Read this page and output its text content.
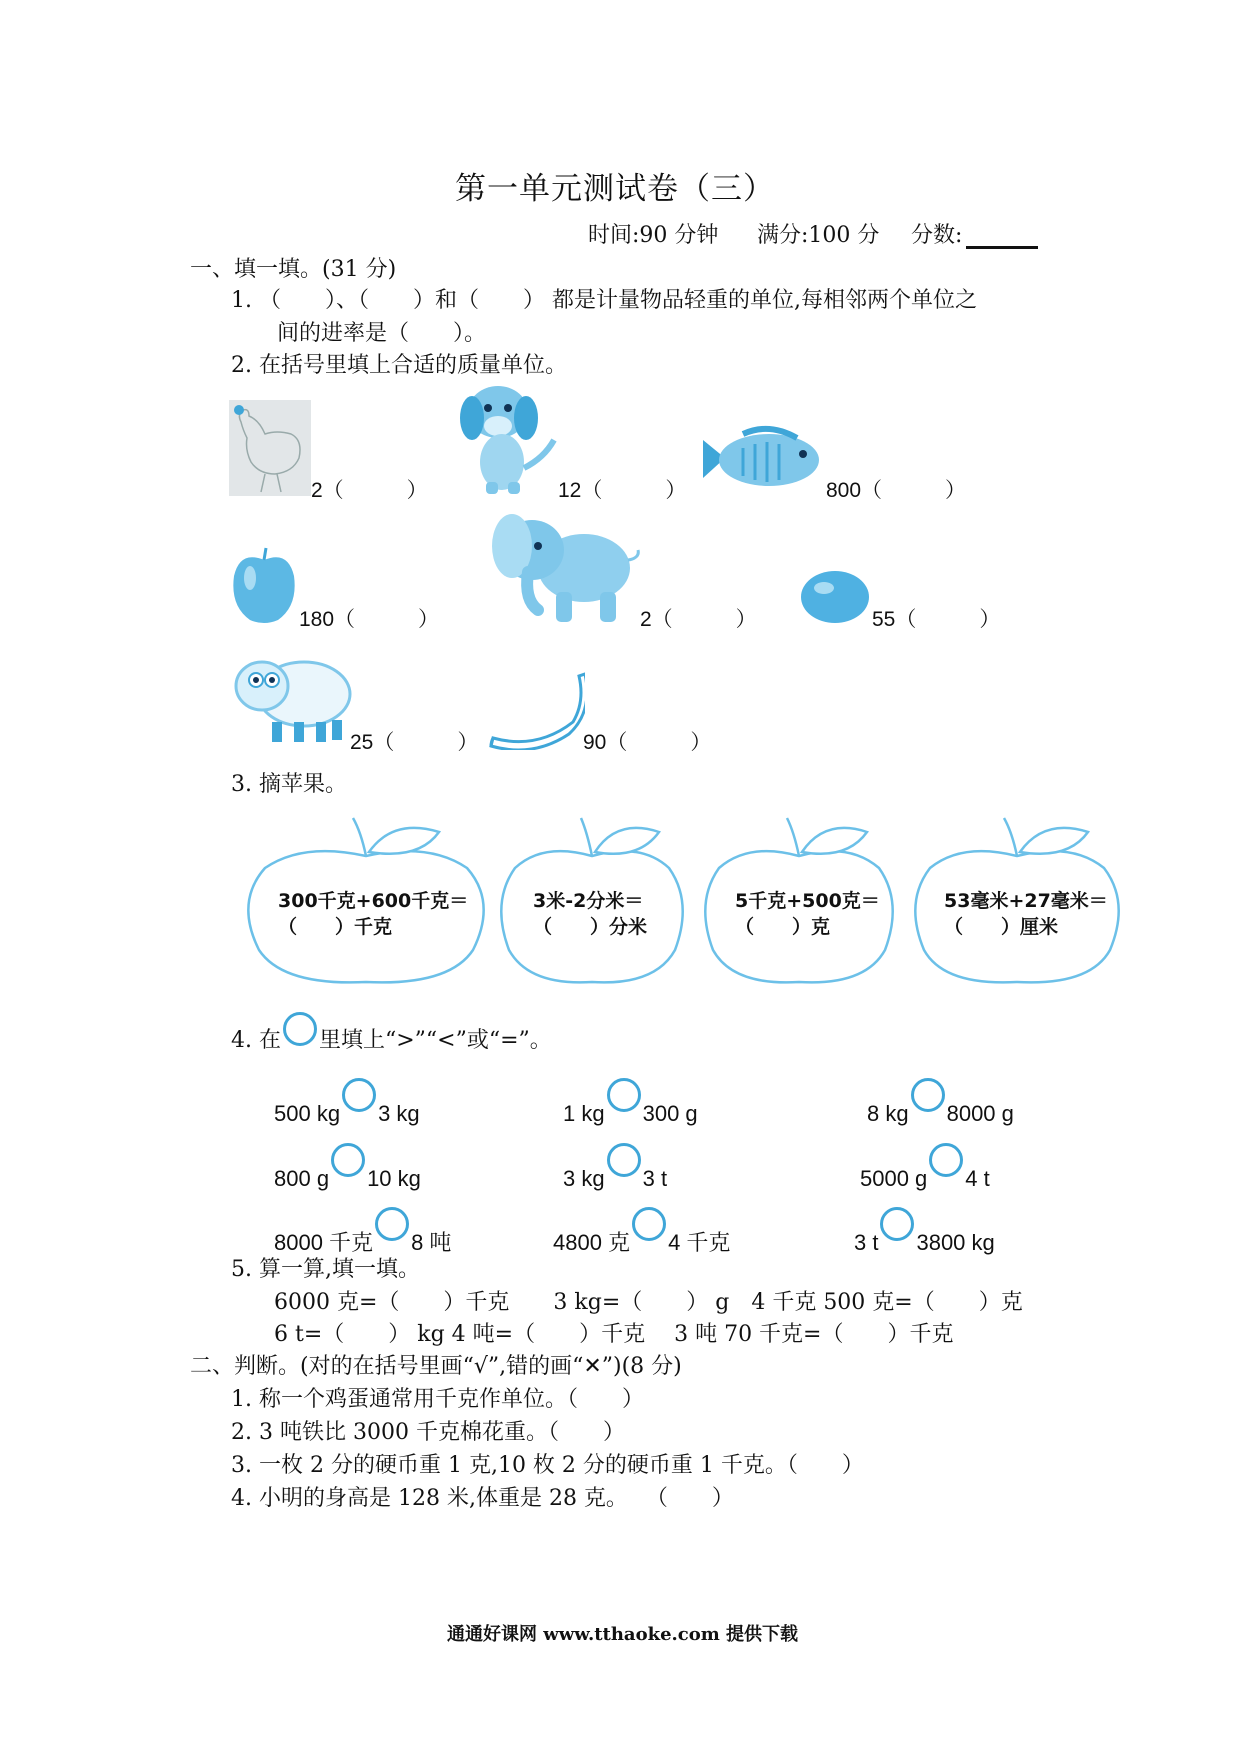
第一单元测试卷（三）
时间:90 分钟 满分:100 分 分数:
一、填一填。(31 分)
1. （　　）、（　　）和（　　） 都是计量物品轻重的单位,每相邻两个单位之
间的进率是（　　）。
2. 在括号里填上合适的质量单位。
2（　　　）	12（　　　）	800（　　　）
180（　　　）	2（　　　）	55（　　　）
25（　　　）	90（　　　）
3. 摘苹果。
300千克+600千克＝
（　　）千克
3米-2分米＝
（　　）分米
5千克+500克＝
（　　）克
53毫米+27毫米＝
（　　）厘米
4. 在 里填上“>”“<”或“=”。
500 kg 3 kg	1 kg 300 g	8 kg 8000 g
800 g 10 kg	3 kg 3 t	5000 g 4 t
8000 千克 8 吨	4800 克 4 千克	3 t 3800 kg
5. 算一算,填一填。
6000 克=（　　）千克　　3 kg=（　　） g　4 千克 500 克=（　　）克
6 t=（　　） kg 4 吨=（　　）千克　 3 吨 70 千克=（　　）千克
二、判断。(对的在括号里画“√”,错的画“✕”)(8 分)
1. 称一个鸡蛋通常用千克作单位。（　　）
2. 3 吨铁比 3000 千克棉花重。（　　）
3. 一枚 2 分的硬币重 1 克,10 枚 2 分的硬币重 1 千克。（　　）
4. 小明的身高是 128 米,体重是 28 克。　 （　　）
通通好课网 www.tthaoke.com 提供下载
